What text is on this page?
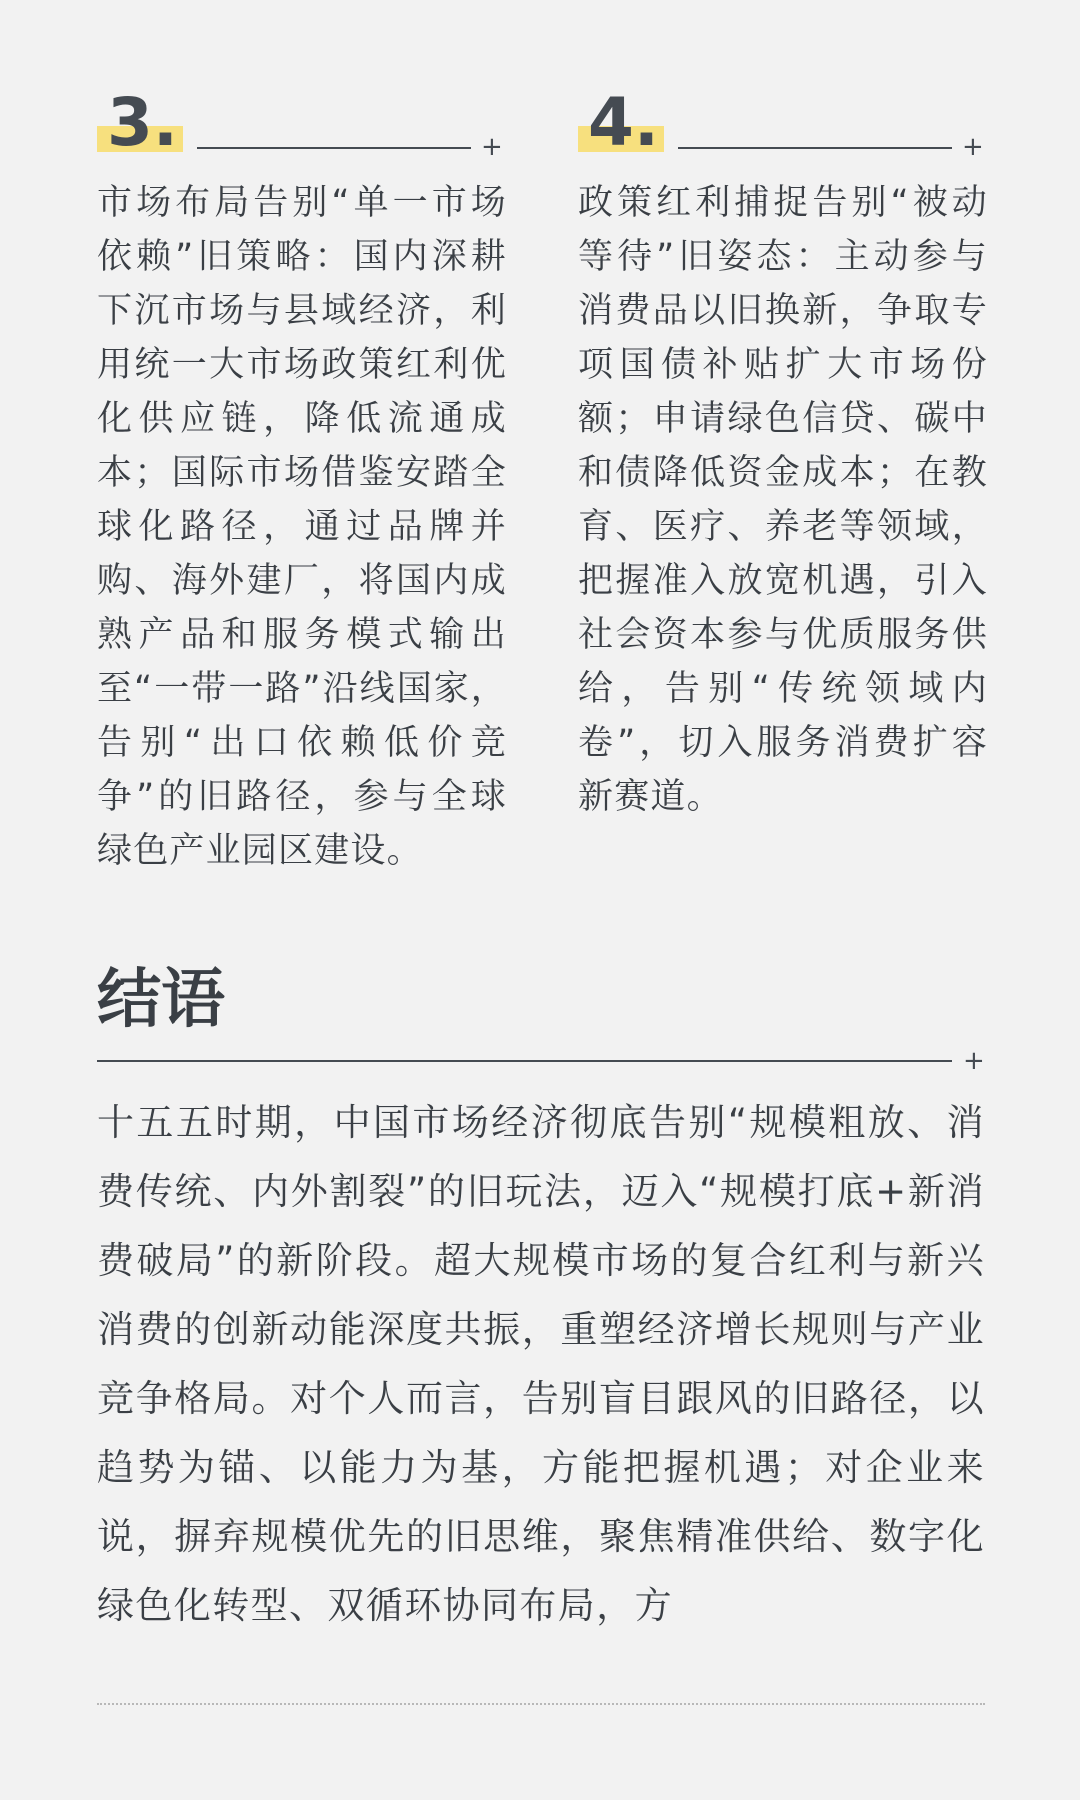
3.	+
市场布局告别“单一市场依赖”旧策略：国内深耕下沉市场与县域经济，利用统一大市场政策红利优化供应链，降低流通成本；国际市场借鉴安踏全球化路径，通过品牌并购、海外建厂，将国内成熟产品和服务模式输出至“一带一路”沿线国家，告别“出口依赖低价竞争”的旧路径，参与全球绿色产业园区建设。
4.	+
政策红利捕捉告别“被动等待”旧姿态：主动参与消费品以旧换新，争取专项国债补贴扩大市场份额；申请绿色信贷、碳中和债降低资金成本；在教育、医疗、养老等领域，把握准入放宽机遇，引入社会资本参与优质服务供给，告别“传统领域内卷”，切入服务消费扩容新赛道。
结语
+
十五五时期，中国市场经济彻底告别“规模粗放、消费传统、内外割裂”的旧玩法，迈入“规模打底+新消费破局”的新阶段。超大规模市场的复合红利与新兴消费的创新动能深度共振，重塑经济增长规则与产业竞争格局。对个人而言，告别盲目跟风的旧路径，以趋势为锚、以能力为基，方能把握机遇；对企业来说，摒弃规模优先的旧思维，聚焦精准供给、数字化绿色化转型、双循环协同布局，方
